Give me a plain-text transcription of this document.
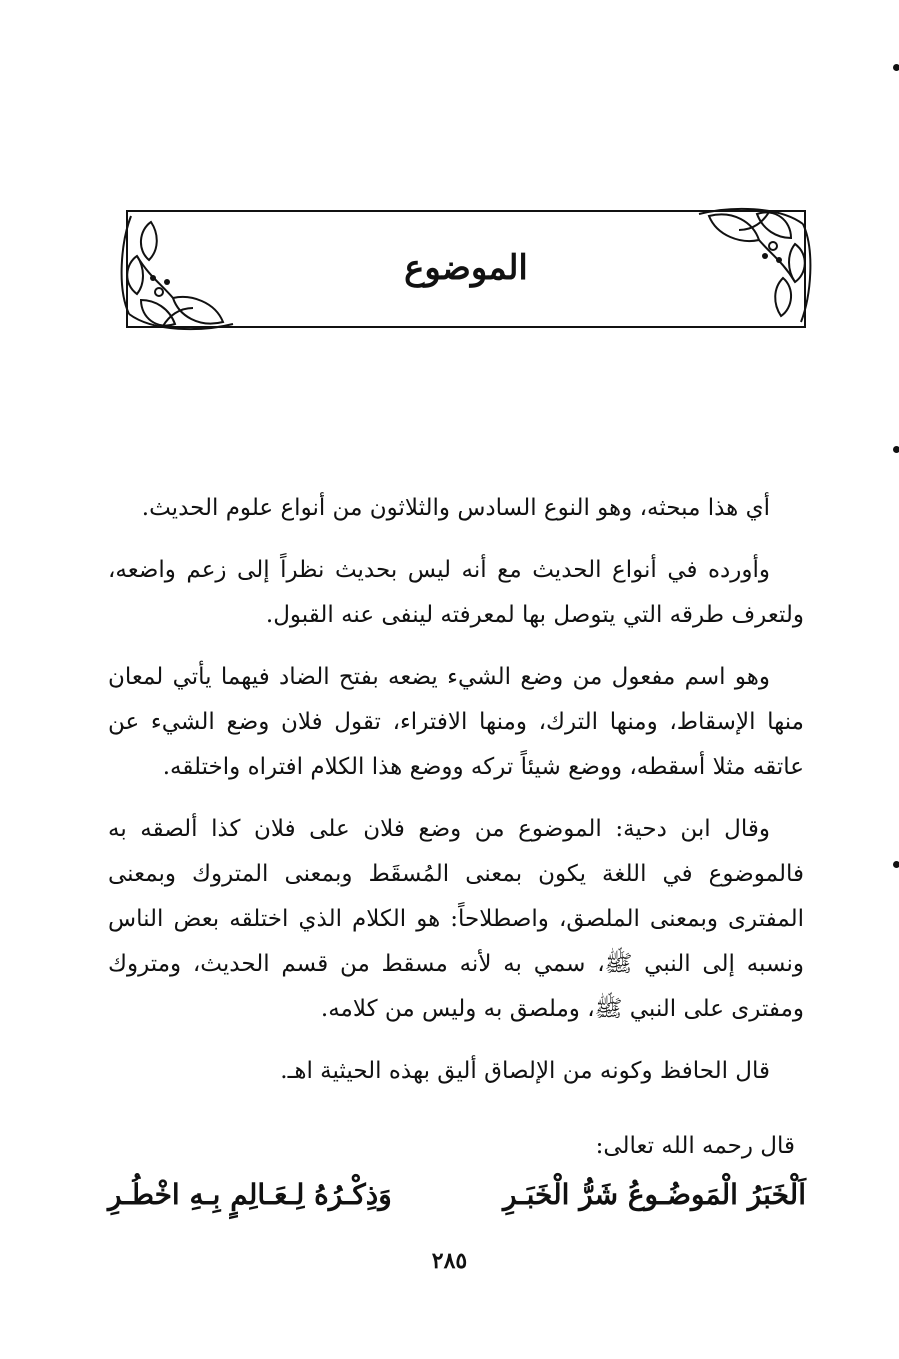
الموضوع

أي هذا مبحثه، وهو النوع السادس والثلاثون من أنواع علوم الحديث.

وأورده في أنواع الحديث مع أنه ليس بحديث نظراً إلى زعم واضعه، ولتعرف طرقه التي يتوصل بها لمعرفته لينفى عنه القبول.

وهو اسم مفعول من وضع الشيء يضعه بفتح الضاد فيهما يأتي لمعان منها الإسقاط، ومنها الترك، ومنها الافتراء، تقول فلان وضع الشيء عن عاتقه مثلا أسقطه، ووضع شيئاً تركه ووضع هذا الكلام افتراه واختلقه.

وقال ابن دحية: الموضوع من وضع فلان على فلان كذا ألصقه به فالموضوع في اللغة يكون بمعنى المُسقَط وبمعنى المتروك وبمعنى المفترى وبمعنى الملصق، واصطلاحاً: هو الكلام الذي اختلقه بعض الناس ونسبه إلى النبي ﷺ، سمي به لأنه مسقط من قسم الحديث، ومتروك ومفترى على النبي ﷺ، وملصق به وليس من كلامه.

قال الحافظ وكونه من الإلصاق أليق بهذه الحيثية اهـ.

قال رحمه الله تعالى:
اَلْخَبَرُ الْمَوضُـوعُ شَرُّ الْخَبَـرِ
وَذِكْـرُهُ لِـعَـالِمٍ بِـهِ اخْطُـرِ
٢٨٥
